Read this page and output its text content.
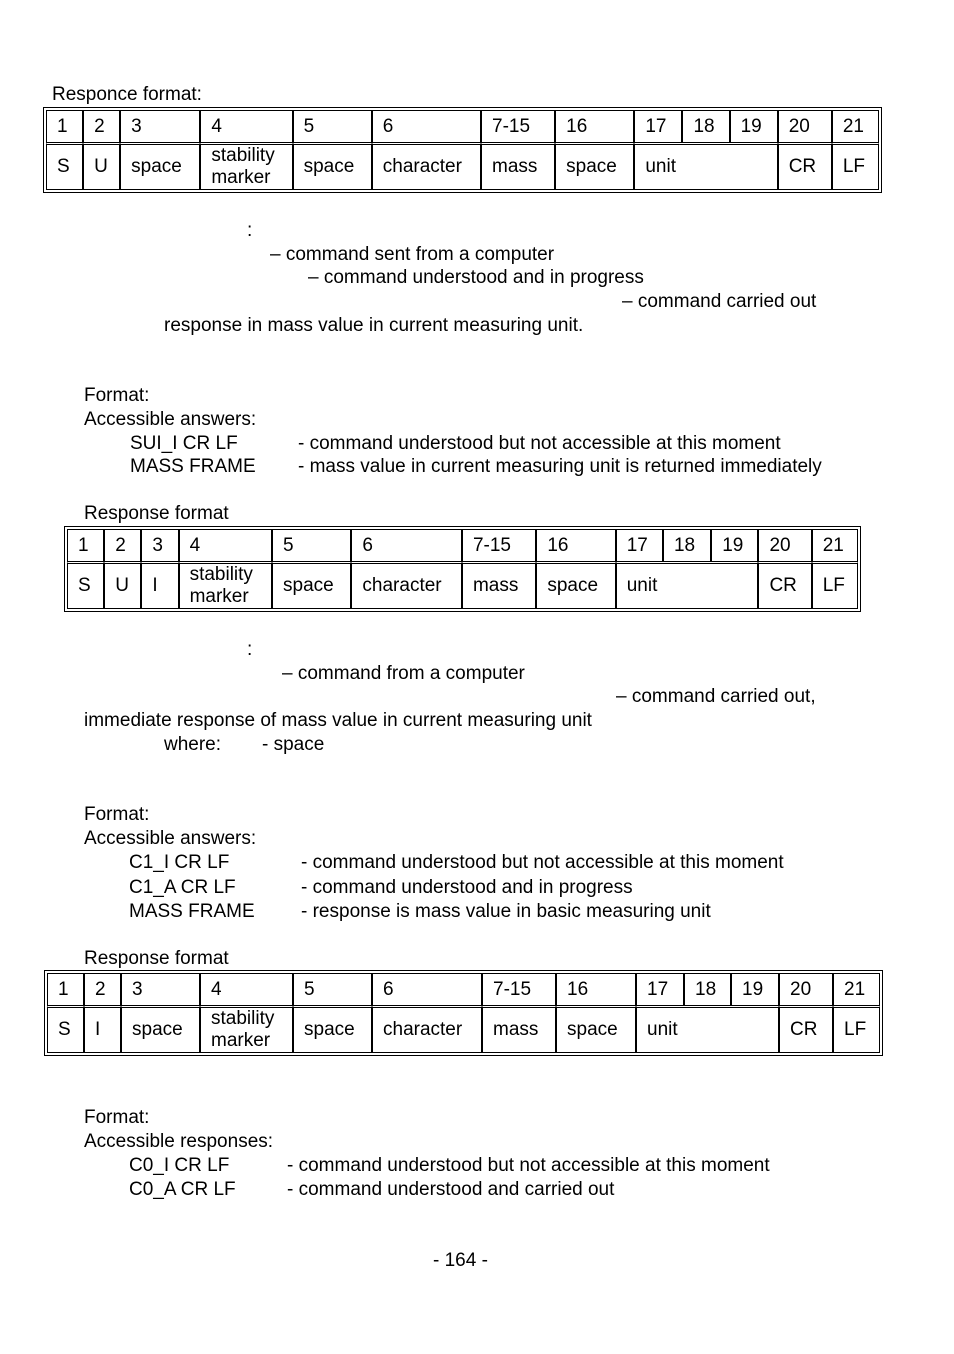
Responce format:
1	2	3	4	5	6	7-15	16	17	18	19	20	21
S	U	space	stability marker	space	character	mass	space	unit			CR	LF
:
– command sent from a computer
– command understood and in progress
– command carried out
response in mass value in current measuring unit.
Format:
Accessible answers:
SUI_I CR LF	- command understood but not accessible at this moment
MASS FRAME - mass value in current measuring unit is returned immediately
Response format
1	2	3	4	5	6	7-15	16	17	18	19	20	21
S	U	I	stability marker	space	character	mass	space	unit			CR	LF
:
– command from a computer
– command carried out,
immediate response of mass value in current measuring unit
where: - space
Format:
Accessible answers:
C1_I CR LF	- command understood but not accessible at this moment
C1_A CR LF	- command understood and in progress
MASS FRAME - response is mass value in basic measuring unit
Response format
1	2	3	4	5	6	7-15	16	17	18	19	20	21
S	I	space	stability marker	space	character	mass	space	unit			CR	LF
Format:
Accessible responses:
C0_I CR LF	- command understood but not accessible at this moment
C0_A CR LF	- command understood and carried out
- 164 -
